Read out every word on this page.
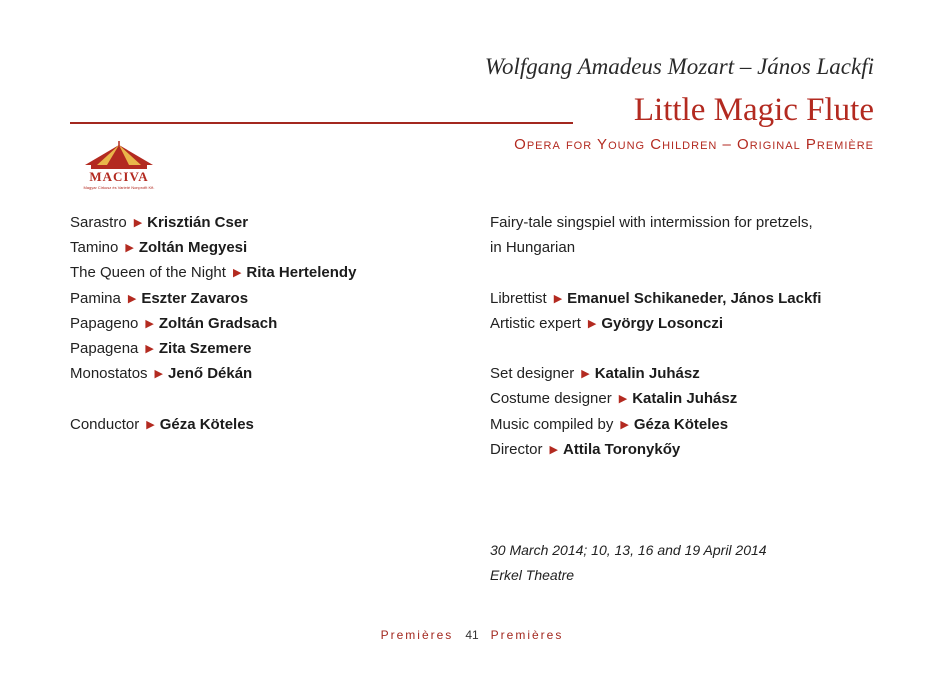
Wolfgang Amadeus Mozart – János Lackfi
Little Magic Flute
Opera for Young Children – Original Première
MACIVA
Magyar Cirkusz és Varieté Nonprofit Kft.
Sarastro ▶ Krisztián Cser
Tamino ▶ Zoltán Megyesi
The Queen of the Night ▶ Rita Hertelendy
Pamina ▶ Eszter Zavaros
Papageno ▶ Zoltán Gradsach
Papagena ▶ Zita Szemere
Monostatos ▶ Jenő Dékán
Conductor ▶ Géza Köteles
Fairy-tale singspiel with intermission for pretzels,
in Hungarian
Librettist ▶ Emanuel Schikaneder, János Lackfi
Artistic expert ▶ György Losonczi
Set designer ▶ Katalin Juhász
Costume designer ▶ Katalin Juhász
Music compiled by ▶ Géza Köteles
Director ▶ Attila Toronykőy
30 March 2014; 10, 13, 16 and 19 April 2014
Erkel Theatre
Premières 41 Premières
